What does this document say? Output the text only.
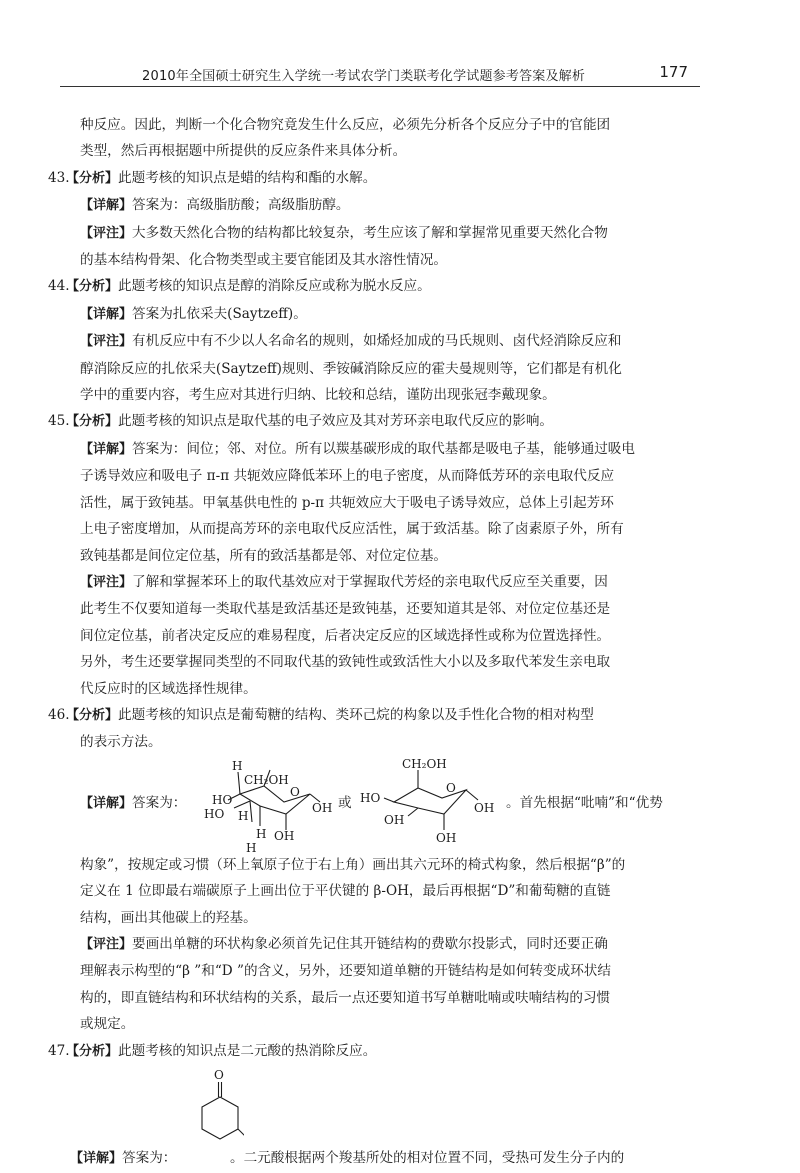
2010年全国硕士研究生入学统一考试农学门类联考化学试题参考答案及解析	177

种反应。因此，判断一个化合物究竟发生什么反应，必须先分析各个反应分子中的官能团

类型，然后再根据题中所提供的反应条件来具体分析。

43.【分析】此题考核的知识点是蜡的结构和酯的水解。

【详解】答案为：高级脂肪酸；高级脂肪醇。

【评注】大多数天然化合物的结构都比较复杂，考生应该了解和掌握常见重要天然化合物

的基本结构骨架、化合物类型或主要官能团及其水溶性情况。

44.【分析】此题考核的知识点是醇的消除反应或称为脱水反应。

【详解】答案为扎依采夫(Saytzeff)。

【评注】有机反应中有不少以人名命名的规则，如烯烃加成的马氏规则、卤代烃消除反应和

醇消除反应的扎依采夫(Saytzeff)规则、季铵碱消除反应的霍夫曼规则等，它们都是有机化

学中的重要内容，考生应对其进行归纳、比较和总结，谨防出现张冠李戴现象。

45.【分析】此题考核的知识点是取代基的电子效应及其对芳环亲电取代反应的影响。

【详解】答案为：间位；邻、对位。所有以羰基碳形成的取代基都是吸电子基，能够通过吸电

子诱导效应和吸电子 π-π 共轭效应降低苯环上的电子密度，从而降低芳环的亲电取代反应

活性，属于致钝基。甲氧基供电性的 p-π 共轭效应大于吸电子诱导效应，总体上引起芳环

上电子密度增加，从而提高芳环的亲电取代反应活性，属于致活基。除了卤素原子外，所有

致钝基都是间位定位基，所有的致活基都是邻、对位定位基。

【评注】了解和掌握苯环上的取代基效应对于掌握取代芳烃的亲电取代反应至关重要，因

此考生不仅要知道每一类取代基是致活基还是致钝基，还要知道其是邻、对位定位基还是

间位定位基，前者决定反应的难易程度，后者决定反应的区域选择性或称为位置选择性。

另外，考生还要掌握同类型的不同取代基的致钝性或致活性大小以及多取代苯发生亲电取

代反应时的区域选择性规律。

46.【分析】此题考核的知识点是葡萄糖的结构、类环己烷的构象以及手性化合物的相对构型

的表示方法。

【详解】答案为：
H
CH₂OH
O
HO
HO H
H OH
OH
H
或
CH₂OH
O
HO
OH
OH
OH 。首先根据“吡喃”和“优势

构象”，按规定或习惯（环上氧原子位于右上角）画出其六元环的椅式构象，然后根据“β”的

定义在 1 位即最右端碳原子上画出位于平伏键的 β-OH，最后再根据“D”和葡萄糖的直链

结构，画出其他碳上的羟基。

【评注】要画出单糖的环状构象必须首先记住其开链结构的费歇尔投影式，同时还要正确

理解表示构型的“β ”和“D ”的含义，另外，还要知道单糖的开链结构是如何转变成环状结

构的，即直链结构和环状结构的关系，最后一点还要知道书写单糖吡喃或呋喃结构的习惯

或规定。

47.【分析】此题考核的知识点是二元酸的热消除反应。

O
【详解】答案为：	。二元酸根据两个羧基所处的相对位置不同，受热可发生分子内的
